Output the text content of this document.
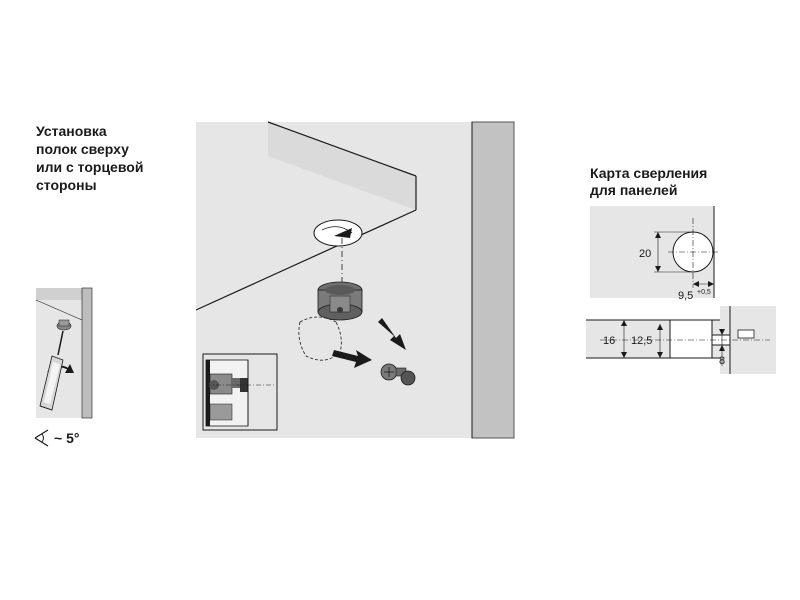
Установка
полок сверху
или с торцевой
стороны
Карта сверления
для панелей
~ 5°
20
9,5 +0,5
16 12,5
8
